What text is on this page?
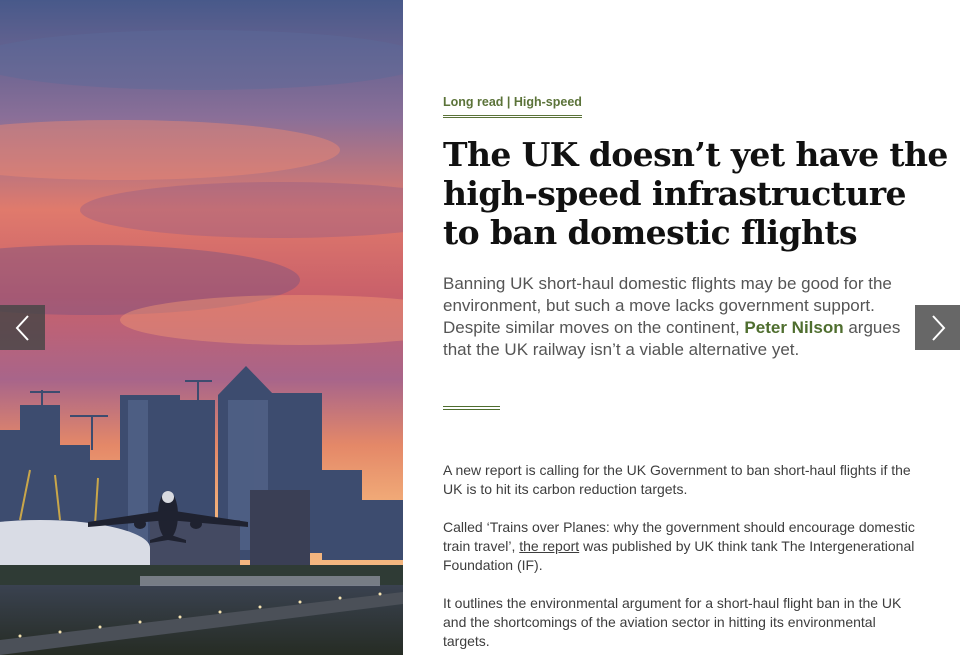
Long read | High-speed
The UK doesn’t yet have the
high-speed infrastructure
to ban domestic flights

Banning UK short-haul domestic flights may be good for the environment, but such a move lacks government support. Despite similar moves on the continent, Peter Nilson argues that the UK railway isn’t a viable alternative yet.

A new report is calling for the UK Government to ban short-haul flights if the UK is to hit its carbon reduction targets.

Called ‘Trains over Planes: why the government should encourage domestic train travel’, the report was published by UK think tank The Intergenerational Foundation (IF).

It outlines the environmental argument for a short-haul flight ban in the UK and the shortcomings of the aviation sector in hitting its environmental targets.
